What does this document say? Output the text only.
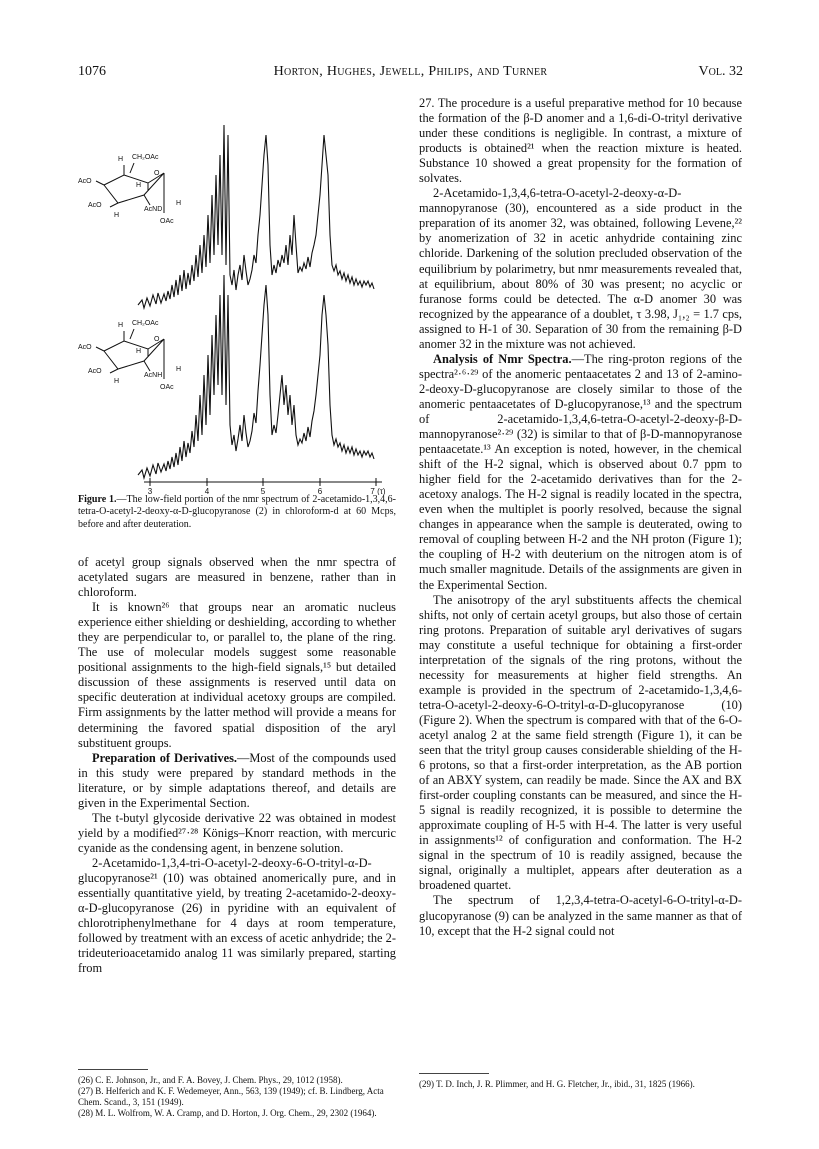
1076	Horton, Hughes, Jewell, Philips, and Turner	Vol. 32
H CH₂OAc
AcO
O
H
AcO
AcND
H
H
OAc
H CH₂OAc
AcO
O
H
AcO
AcNH
H
H
OAc
3	4	5	6	7 (τ)
Figure 1.—The low-field portion of the nmr spectrum of 2-acetamido-1,3,4,6-tetra-O-acetyl-2-deoxy-α-D-glucopyranose (2) in chloroform-d at 60 Mcps, before and after deuteration.

of acetyl group signals observed when the nmr spectra of acetylated sugars are measured in benzene, rather than in chloroform.

It is known²⁶ that groups near an aromatic nucleus experience either shielding or deshielding, according to whether they are perpendicular to, or parallel to, the plane of the ring. The use of molecular models suggest some reasonable positional assignments to the high-field signals,¹⁵ but detailed discussion of these assignments is reserved until data on specific deuteration at individual acetoxy groups are compiled. Firm assignments by the latter method will provide a means for determining the favored spatial disposition of the aryl substituent groups.

Preparation of Derivatives.—Most of the compounds used in this study were prepared by standard methods in the literature, or by simple adaptations thereof, and details are given in the Experimental Section.

The t-butyl glycoside derivative 22 was obtained in modest yield by a modified²⁷·²⁸ Königs–Knorr reaction, with mercuric cyanide as the condensing agent, in benzene solution.

2-Acetamido-1,3,4-tri-O-acetyl-2-deoxy-6-O-trityl-α-D-glucopyranose²¹ (10) was obtained anomerically pure, and in essentially quantitative yield, by treating 2-acetamido-2-deoxy-α-D-glucopyranose (26) in pyridine with an equivalent of chlorotriphenylmethane for 4 days at room temperature, followed by treatment with an excess of acetic anhydride; the 2-trideuterioacetamido analog 11 was similarly prepared, starting from

(26) C. E. Johnson, Jr., and F. A. Bovey, J. Chem. Phys., 29, 1012 (1958).

(27) B. Helferich and K. F. Wedemeyer, Ann., 563, 139 (1949); cf. B. Lindberg, Acta Chem. Scand., 3, 151 (1949).

(28) M. L. Wolfrom, W. A. Cramp, and D. Horton, J. Org. Chem., 29, 2302 (1964).

27. The procedure is a useful preparative method for 10 because the formation of the β-D anomer and a 1,6-di-O-trityl derivative under these conditions is negligible. In contrast, a mixture of products is obtained²¹ when the reaction mixture is heated. Substance 10 showed a great propensity for the formation of solvates.

2-Acetamido-1,3,4,6-tetra-O-acetyl-2-deoxy-α-D-mannopyranose (30), encountered as a side product in the preparation of its anomer 32, was obtained, following Levene,²² by anomerization of 32 in acetic anhydride containing zinc chloride. Darkening of the solution precluded observation of the equilibrium by polarimetry, but nmr measurements revealed that, at equilibrium, about 80% of 30 was present; no acyclic or furanose forms could be detected. The α-D anomer 30 was recognized by the appearance of a doublet, τ 3.98, J₁,₂ = 1.7 cps, assigned to H-1 of 30. Separation of 30 from the remaining β-D anomer 32 in the mixture was not achieved.

Analysis of Nmr Spectra.—The ring-proton regions of the spectra²·⁶·²⁹ of the anomeric pentaacetates 2 and 13 of 2-amino-2-deoxy-D-glucopyranose are closely similar to those of the anomeric pentaacetates of D-glucopyranose,¹³ and the spectrum of 2-acetamido-1,3,4,6-tetra-O-acetyl-2-deoxy-β-D-mannopyranose²·²⁹ (32) is similar to that of β-D-mannopyranose pentaacetate.¹³ An exception is noted, however, in the chemical shift of the H-2 signal, which is observed about 0.7 ppm to higher field for the 2-acetamido derivatives than for the 2-acetoxy analogs. The H-2 signal is readily located in the spectra, even when the multiplet is poorly resolved, because the signal changes in appearance when the sample is deuterated, owing to removal of coupling between H-2 and the NH proton (Figure 1); the coupling of H-2 with deuterium on the nitrogen atom is of much smaller magnitude. Details of the assignments are given in the Experimental Section.

The anisotropy of the aryl substituents affects the chemical shifts, not only of certain acetyl groups, but also those of certain ring protons. Preparation of suitable aryl derivatives of sugars may constitute a useful technique for obtaining a first-order interpretation of the signals of the ring protons, without the necessity for measurements at higher field strengths. An example is provided in the spectrum of 2-acetamido-1,3,4,6-tetra-O-acetyl-2-deoxy-6-O-trityl-α-D-glucopyranose (10) (Figure 2). When the spectrum is compared with that of the 6-O-acetyl analog 2 at the same field strength (Figure 1), it can be seen that the trityl group causes considerable shielding of the H-6 protons, so that a first-order interpretation, as the AB portion of an ABXY system, can readily be made. Since the AX and BX first-order coupling constants can be measured, and since the H-5 signal is readily recognized, it is possible to determine the approximate coupling of H-5 with H-4. The latter is very useful in assignments¹² of configuration and conformation. The H-2 signal in the spectrum of 10 is readily assigned, because the signal, originally a multiplet, appears after deuteration as a broadened quartet.

The spectrum of 1,2,3,4-tetra-O-acetyl-6-O-trityl-α-D-glucopyranose (9) can be analyzed in the same manner as that of 10, except that the H-2 signal could not

(29) T. D. Inch, J. R. Plimmer, and H. G. Fletcher, Jr., ibid., 31, 1825 (1966).
